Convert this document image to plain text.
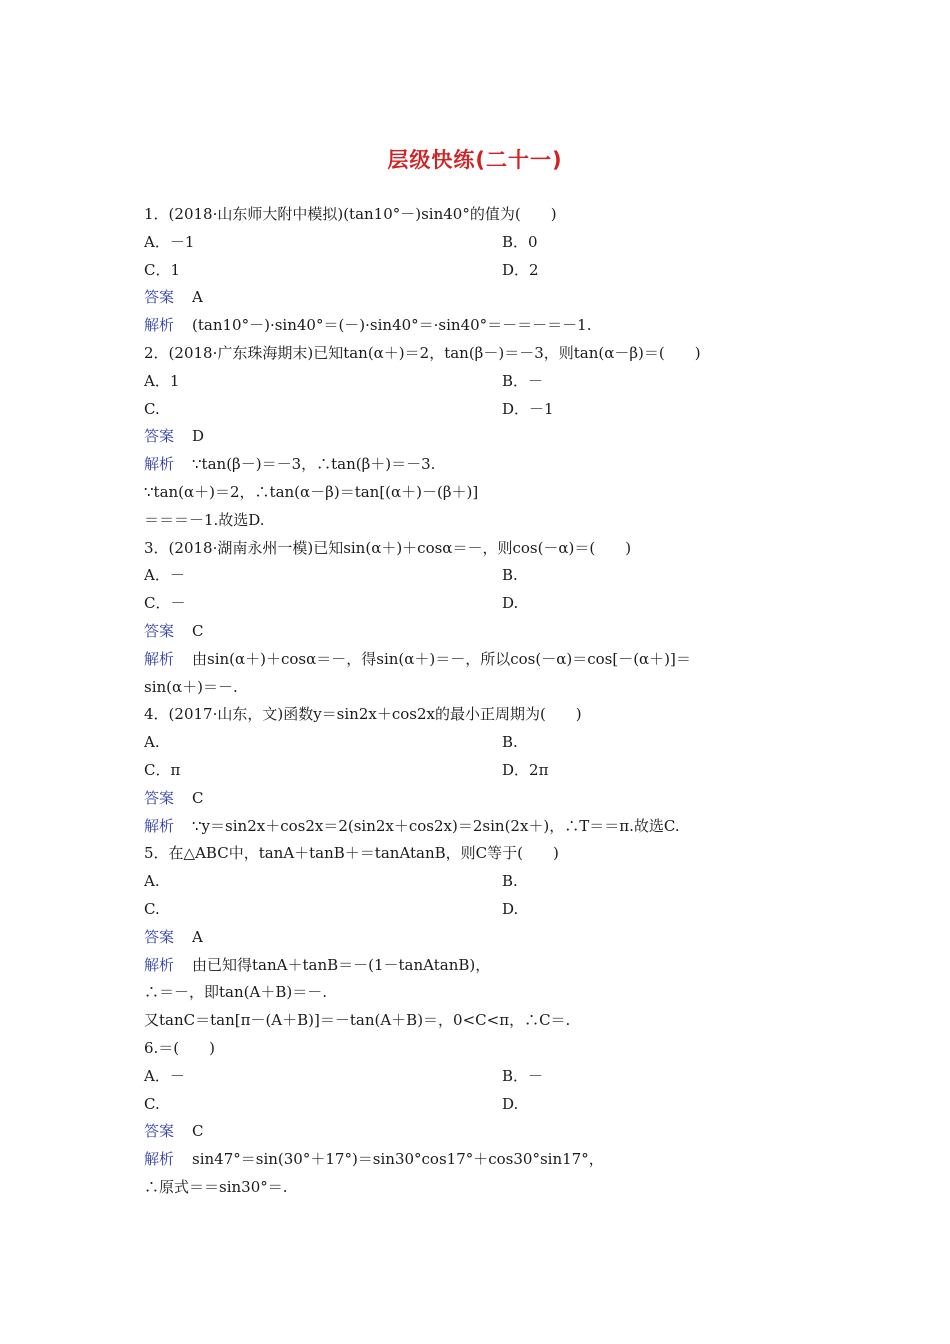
层级快练(二十一)
1．(2018·山东师大附中模拟)(tan10°－)sin40°的值为(　　)
A．－1	B．0
C．1	D．2
答案 A
解析 (tan10°－)·sin40°＝(－)·sin40°＝·sin40°＝－＝－＝－1.
2．(2018·广东珠海期末)已知tan(α＋)＝2，tan(β－)＝－3，则tan(α－β)＝(　　)
A．1	B．－
C.	D．－1
答案 D
解析 ∵tan(β－)＝－3，∴tan(β＋)＝－3.
∵tan(α＋)＝2，∴tan(α－β)＝tan[(α＋)－(β＋)]
＝＝＝－1.故选D.
3．(2018·湖南永州一模)已知sin(α＋)＋cosα＝－，则cos(－α)＝(　　)
A．－	B.
C．－	D.
答案 C
解析 由sin(α＋)＋cosα＝－，得sin(α＋)＝－，所以cos(－α)＝cos[－(α＋)]＝
sin(α＋)＝－.
4．(2017·山东，文)函数y＝sin2x＋cos2x的最小正周期为(　　)
A.	B.
C．π	D．2π
答案 C
解析 ∵y＝sin2x＋cos2x＝2(sin2x＋cos2x)＝2sin(2x＋)，∴T＝＝π.故选C.
5．在△ABC中，tanA＋tanB＋＝tanAtanB，则C等于(　　)
A.	B.
C.	D.
答案 A
解析 由已知得tanA＋tanB＝－(1－tanAtanB)，
∴＝－，即tan(A＋B)＝－.
又tanC＝tan[π－(A＋B)]＝－tan(A＋B)＝，0<C<π，∴C＝.
6.＝(　　)
A．－	B．－
C.	D.
答案 C
解析 sin47°＝sin(30°＋17°)＝sin30°cos17°＋cos30°sin17°，
∴原式＝＝sin30°＝.
